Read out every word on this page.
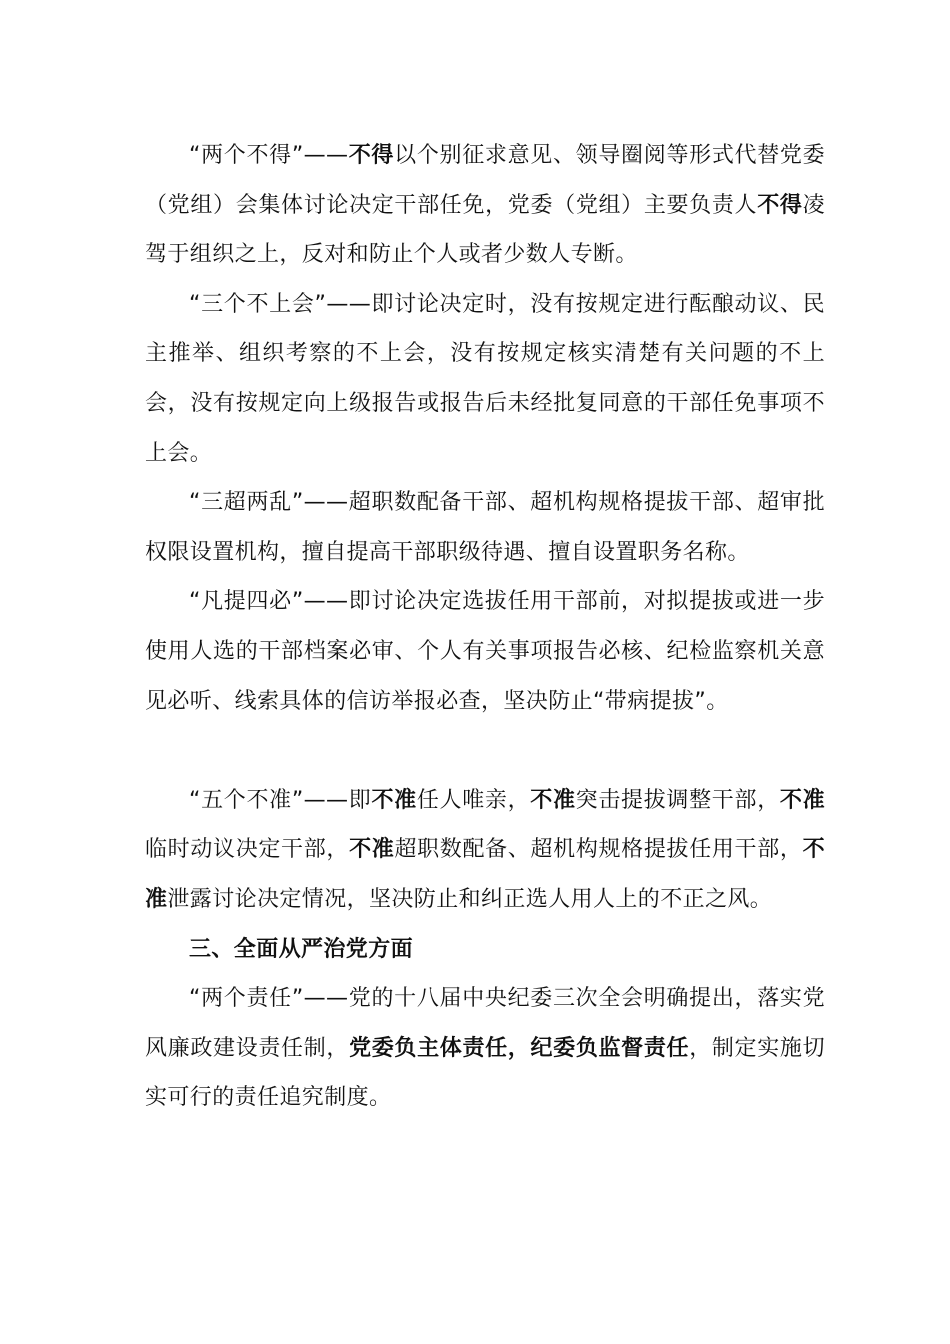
“两个不得”——不得以个别征求意见、领导圈阅等形式代替党委（党组）会集体讨论决定干部任免，党委（党组）主要负责人不得凌驾于组织之上，反对和防止个人或者少数人专断。

“三个不上会”——即讨论决定时，没有按规定进行酝酿动议、民主推举、组织考察的不上会，没有按规定核实清楚有关问题的不上会，没有按规定向上级报告或报告后未经批复同意的干部任免事项不上会。

“三超两乱”——超职数配备干部、超机构规格提拔干部、超审批权限设置机构，擅自提高干部职级待遇、擅自设置职务名称。

“凡提四必”——即讨论决定选拔任用干部前，对拟提拔或进一步使用人选的干部档案必审、个人有关事项报告必核、纪检监察机关意见必听、线索具体的信访举报必查，坚决防止“带病提拔”。

“五个不准”——即不准任人唯亲，不准突击提拔调整干部，不准临时动议决定干部，不准超职数配备、超机构规格提拔任用干部，不准泄露讨论决定情况，坚决防止和纠正选人用人上的不正之风。

三、全面从严治党方面

“两个责任”——党的十八届中央纪委三次全会明确提出，落实党风廉政建设责任制，党委负主体责任，纪委负监督责任，制定实施切实可行的责任追究制度。
